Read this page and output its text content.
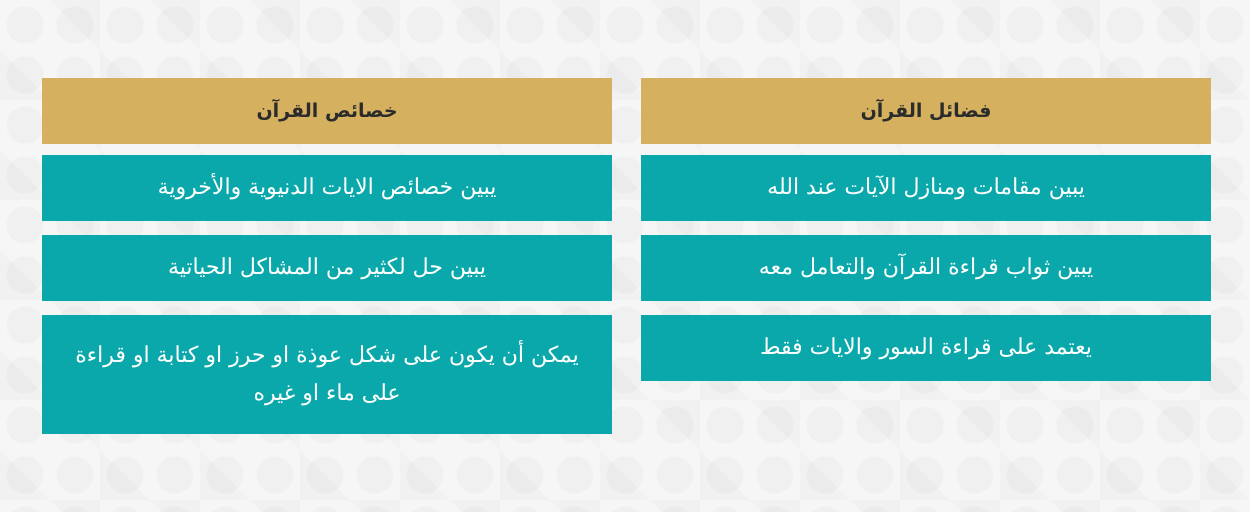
فضائل القرآن
يبين مقامات ومنازل الآيات عند الله
يبين ثواب قراءة القرآن والتعامل معه
يعتمد على قراءة السور والايات فقط
خصائص القرآن
يبين خصائص الايات الدنيوية والأخروية
يبين حل لكثير من المشاكل الحياتية
يمكن أن يكون على شكل عوذة او حرز او كتابة او قراءة على ماء او غيره
